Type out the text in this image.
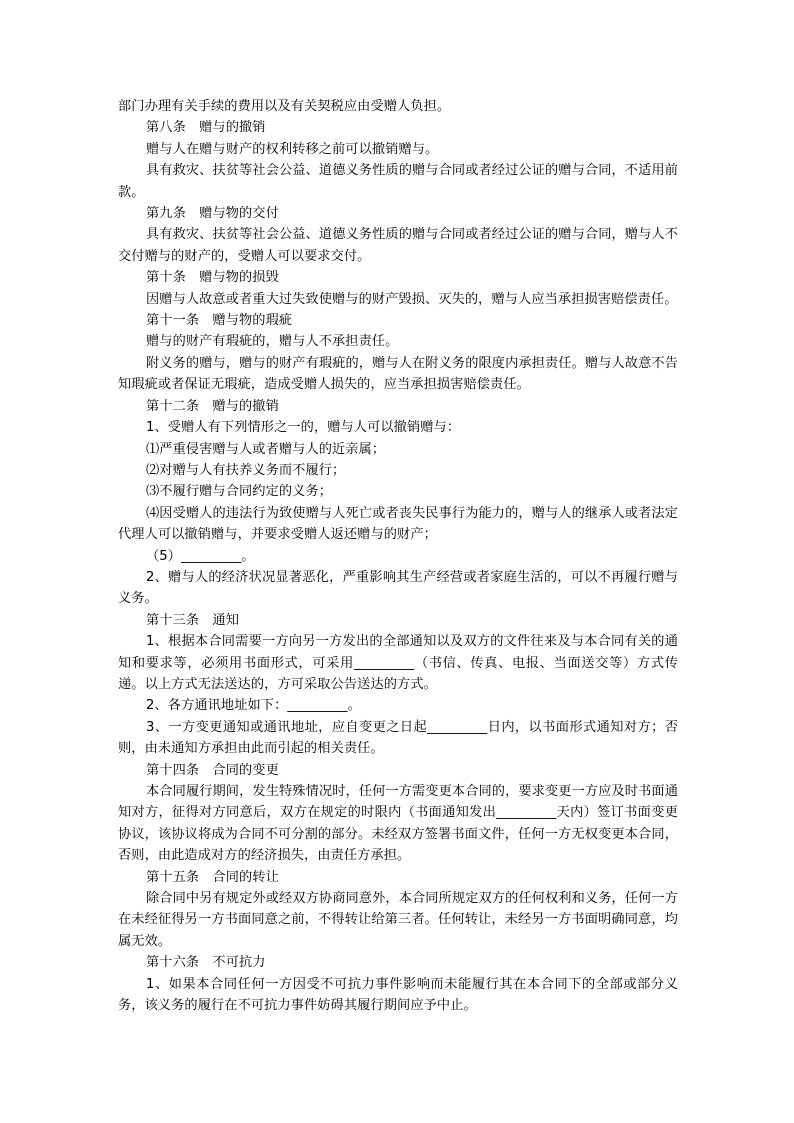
部门办理有关手续的费用以及有关契税应由受赠人负担。

第八条　赠与的撤销

赠与人在赠与财产的权利转移之前可以撤销赠与。

具有救灾、扶贫等社会公益、道德义务性质的赠与合同或者经过公证的赠与合同，不适用前款。

第九条　赠与物的交付

具有救灾、扶贫等社会公益、道德义务性质的赠与合同或者经过公证的赠与合同，赠与人不交付赠与的财产的，受赠人可以要求交付。

第十条　赠与物的损毁

因赠与人故意或者重大过失致使赠与的财产毁损、灭失的，赠与人应当承担损害赔偿责任。

第十一条　赠与物的瑕疵

赠与的财产有瑕疵的，赠与人不承担责任。

附义务的赠与，赠与的财产有瑕疵的，赠与人在附义务的限度内承担责任。赠与人故意不告知瑕疵或者保证无瑕疵，造成受赠人损失的，应当承担损害赔偿责任。

第十二条　赠与的撤销

1、受赠人有下列情形之一的，赠与人可以撤销赠与：

⑴严重侵害赠与人或者赠与人的近亲属；

⑵对赠与人有扶养义务而不履行；

⑶不履行赠与合同约定的义务；

⑷因受赠人的违法行为致使赠与人死亡或者丧失民事行为能力的，赠与人的继承人或者法定代理人可以撤销赠与，并要求受赠人返还赠与的财产；

（5）_________。

2、赠与人的经济状况显著恶化，严重影响其生产经营或者家庭生活的，可以不再履行赠与义务。

第十三条　通知

1、根据本合同需要一方向另一方发出的全部通知以及双方的文件往来及与本合同有关的通知和要求等，必须用书面形式，可采用_________（书信、传真、电报、当面送交等）方式传递。以上方式无法送达的，方可采取公告送达的方式。

2、各方通讯地址如下：_________。

3、一方变更通知或通讯地址，应自变更之日起_________日内，以书面形式通知对方；否则，由未通知方承担由此而引起的相关责任。

第十四条　合同的变更

本合同履行期间，发生特殊情况时，任何一方需变更本合同的，要求变更一方应及时书面通知对方，征得对方同意后，双方在规定的时限内（书面通知发出_________天内）签订书面变更协议，该协议将成为合同不可分割的部分。未经双方签署书面文件，任何一方无权变更本合同，否则，由此造成对方的经济损失，由责任方承担。

第十五条　合同的转让

除合同中另有规定外或经双方协商同意外，本合同所规定双方的任何权利和义务，任何一方在未经征得另一方书面同意之前，不得转让给第三者。任何转让，未经另一方书面明确同意，均属无效。

第十六条　不可抗力

1、如果本合同任何一方因受不可抗力事件影响而未能履行其在本合同下的全部或部分义务，该义务的履行在不可抗力事件妨碍其履行期间应予中止。
